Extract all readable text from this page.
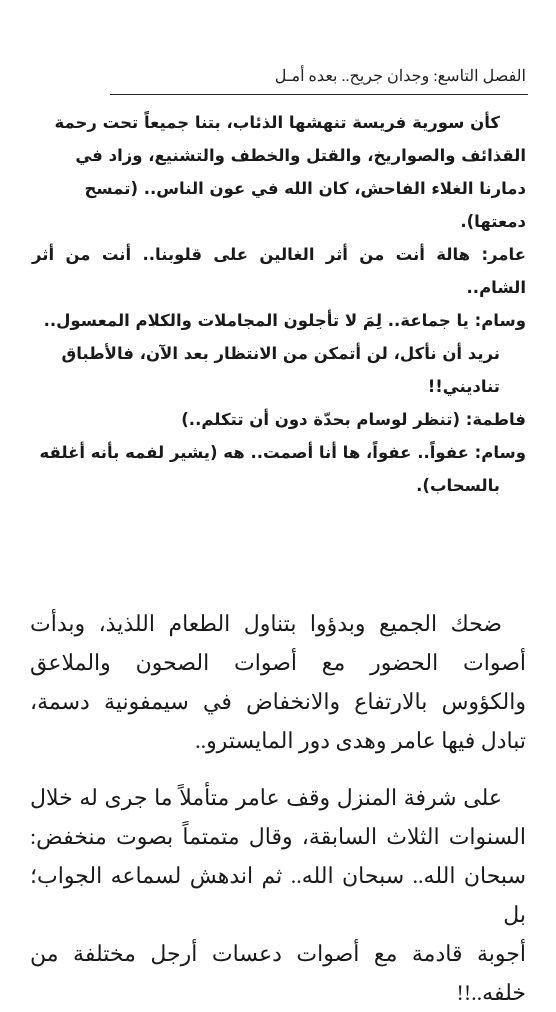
الفصل التاسع: وجدان جريح.. بعده أمـل

كأن سورية فريسة تنهشها الذئاب، بتنا جميعاً تحت رحمة

القذائف والصواريخ، والقتل والخطف والتشنيع، وزاد في

دمارنا الغلاء الفاحش، كان الله في عون الناس.. (تمسح

دمعتها).

عامر: هالة أنت من أثر الغالين على قلوبنا.. أنت من أثر الشام..

وسام: يا جماعة.. لِمَ لا تأجلون المجاملات والكلام المعسول..

نريد أن نأكل، لن أتمكن من الانتظار بعد الآن، فالأطباق

تناديني!!

فاطمة: (تنظر لوسام بحدّة دون أن تتكلم..)

وسام: عفواً.. عفواً، ها أنا أصمت.. هه (يشير لفمه بأنه أغلقه

بالسحاب).

ضحك الجميع وبدؤوا بتناول الطعام اللذيذ، وبدأت

أصوات الحضور مع أصوات الصحون والملاعق

والكؤوس بالارتفاع والانخفاض في سيمفونية دسمة،

تبادل فيها عامر وهدى دور المايسترو..

على شرفة المنزل وقف عامر متأملاً ما جرى له خلال

السنوات الثلاث السابقة، وقال متمتماً بصوت منخفض:

سبحان الله.. سبحان الله.. ثم اندهش لسماعه الجواب؛ بل

أجوبة قادمة مع أصوات دعسات أرجل مختلفة من خلفه..!!
